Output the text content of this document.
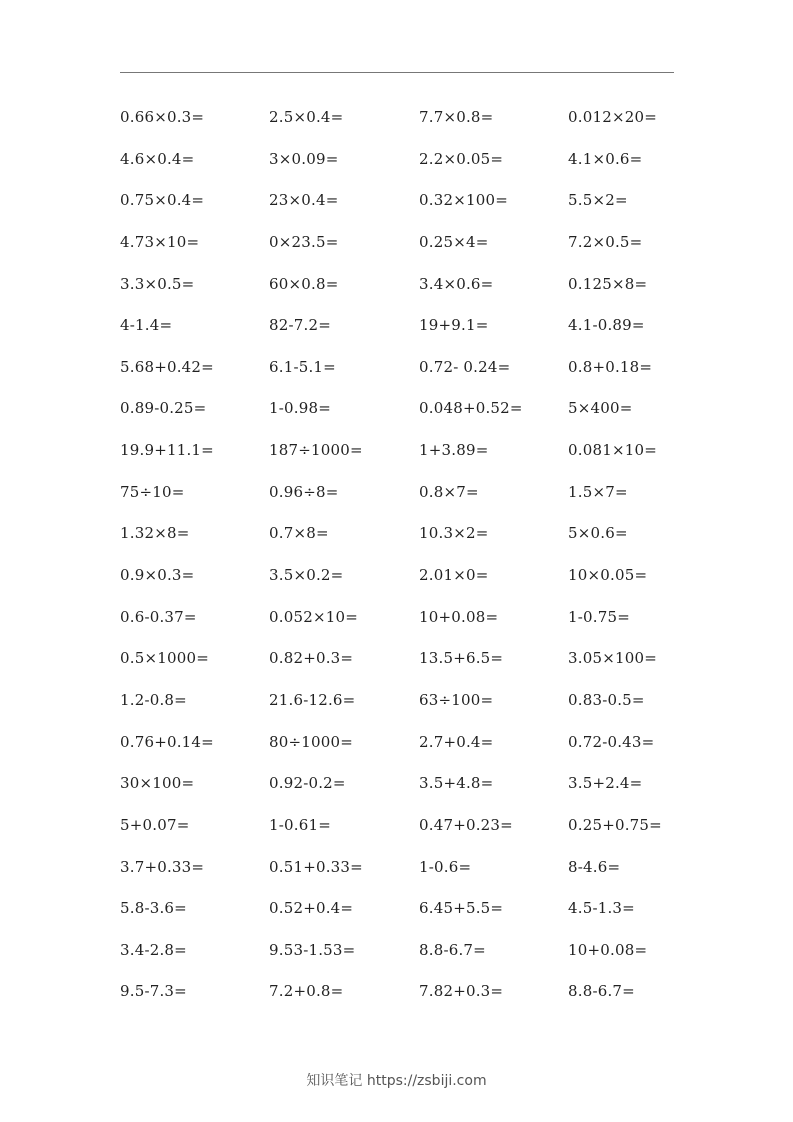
0.66×0.3=	2.5×0.4=	7.7×0.8=	0.012×20=
4.6×0.4=	3×0.09=	2.2×0.05=	4.1×0.6=
0.75×0.4=	23×0.4=	0.32×100=	5.5×2=
4.73×10=	0×23.5=	0.25×4=	7.2×0.5=
3.3×0.5=	60×0.8=	3.4×0.6=	0.125×8=
4-1.4=	82-7.2=	19+9.1=	4.1-0.89=
5.68+0.42=	6.1-5.1=	0.72- 0.24=	0.8+0.18=
0.89-0.25=	1-0.98=	0.048+0.52=	5×400=
19.9+11.1=	187÷1000=	1+3.89=	0.081×10=
75÷10=	0.96÷8=	0.8×7=	1.5×7=
1.32×8=	0.7×8=	10.3×2=	5×0.6=
0.9×0.3=	3.5×0.2=	2.01×0=	10×0.05=
0.6-0.37=	0.052×10=	10+0.08=	1-0.75=
0.5×1000=	0.82+0.3=	13.5+6.5=	3.05×100=
1.2-0.8=	21.6-12.6=	63÷100=	0.83-0.5=
0.76+0.14=	80÷1000=	2.7+0.4=	0.72-0.43=
30×100=	0.92-0.2=	3.5+4.8=	3.5+2.4=
5+0.07=	1-0.61=	0.47+0.23=	0.25+0.75=
3.7+0.33=	0.51+0.33=	1-0.6=	8-4.6=
5.8-3.6=	0.52+0.4=	6.45+5.5=	4.5-1.3=
3.4-2.8=	9.53-1.53=	8.8-6.7=	10+0.08=
9.5-7.3=	7.2+0.8=	7.82+0.3=	8.8-6.7=
知识笔记 https://zsbiji.com
